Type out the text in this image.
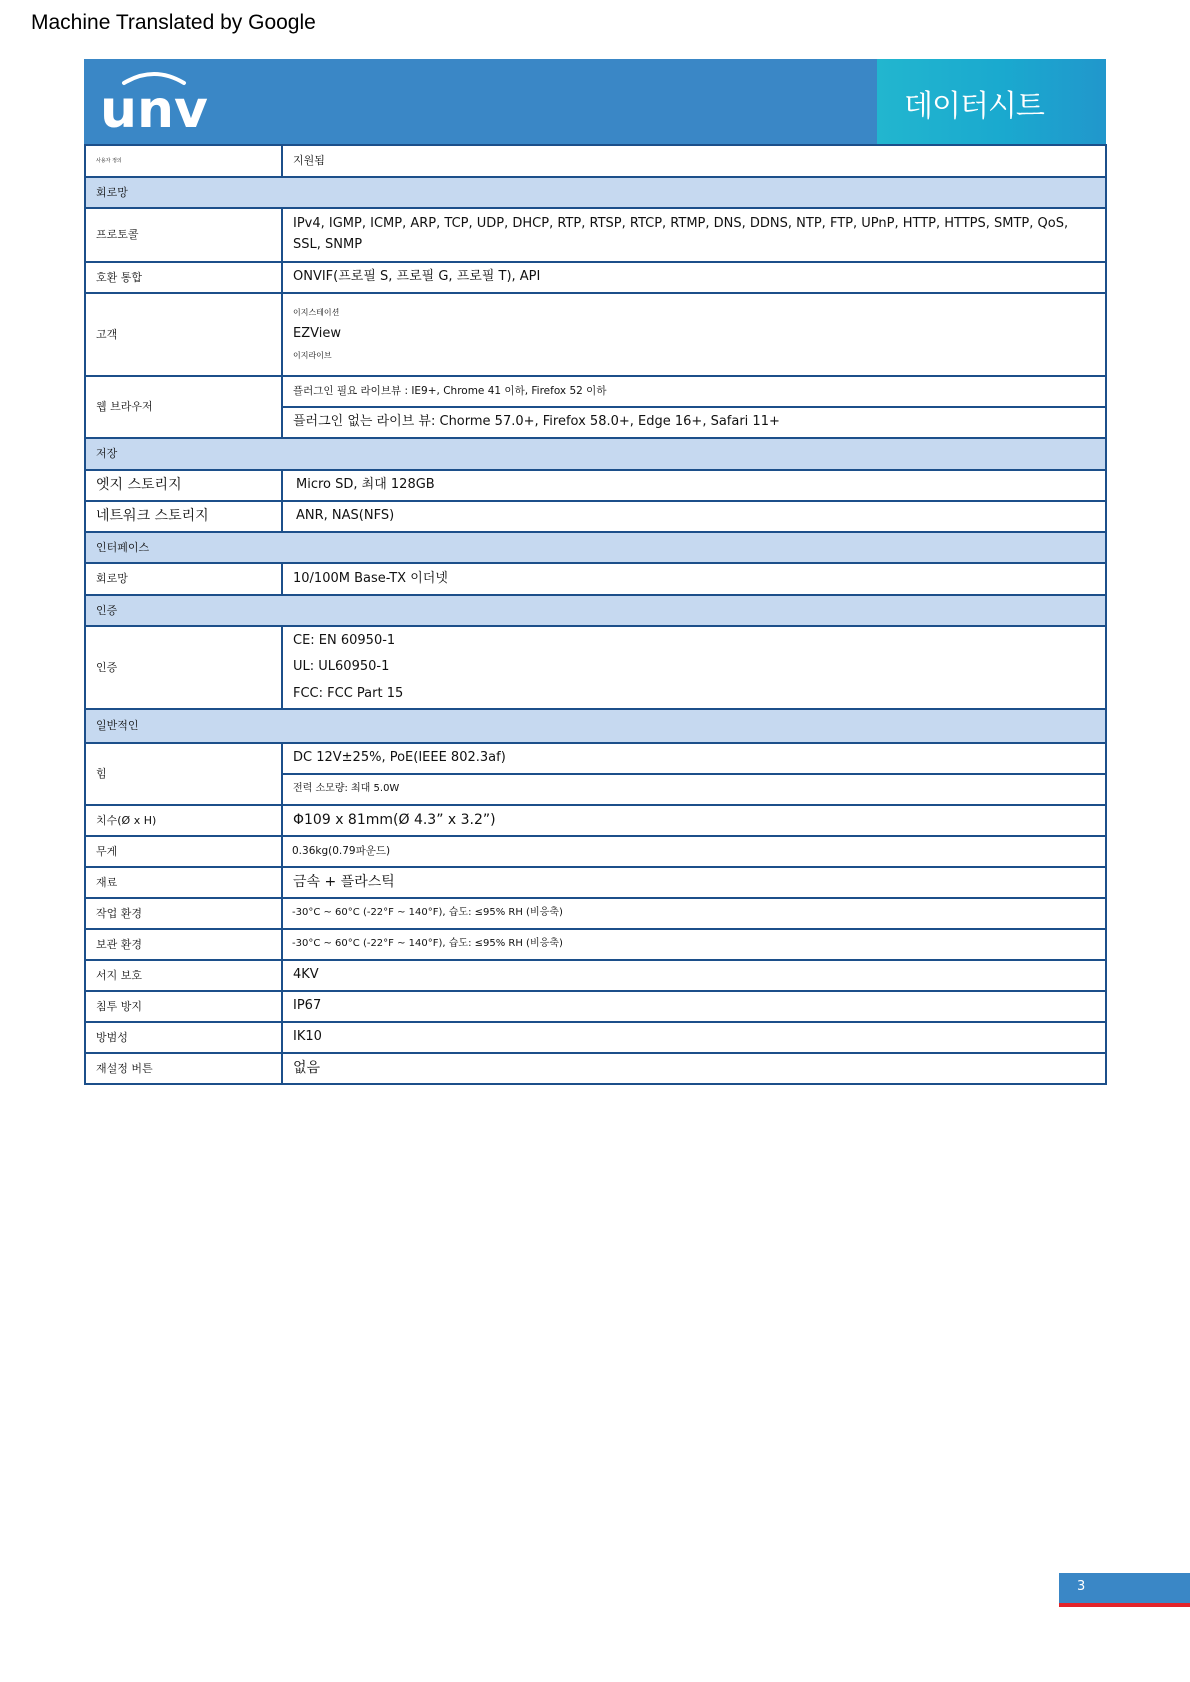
Machine Translated by Google
unv	데이터시트
사용자 정의	지원됨
회로망	
프로토콜	IPv4, IGMP, ICMP, ARP, TCP, UDP, DHCP, RTP, RTSP, RTCP, RTMP, DNS, DDNS, NTP, FTP, UPnP, HTTP, HTTPS, SMTP, QoS, SSL, SNMP
호환 통합	ONVIF(프로필 S, 프로필 G, 프로필 T), API
고객	이지스테이션
EZView
이지라이브

웹 브라우저	플러그인 필요 라이브뷰 : IE9+, Chrome 41 이하, Firefox 52 이하
	플러그인 없는 라이브 뷰: Chorme 57.0+, Firefox 58.0+, Edge 16+, Safari 11+
저장	
엣지 스토리지	Micro SD, 최대 128GB
네트워크 스토리지	ANR, NAS(NFS)
인터페이스	
회로망	10/100M Base-TX 이더넷
인증	
인증	CE: EN 60950-1
UL: UL60950-1
FCC: FCC Part 15

일반적인	
힘	DC 12V±25%, PoE(IEEE 802.3af)
	전력 소모량: 최대 5.0W
치수(Ø x H)	Φ109 x 81mm(Ø 4.3” x 3.2”)
무게	0.36kg(0.79파운드)
재료	금속 + 플라스틱
작업 환경	-30°C ~ 60°C (-22°F ~ 140°F), 습도: ≤95% RH (비응축)
보관 환경	-30°C ~ 60°C (-22°F ~ 140°F), 습도: ≤95% RH (비응축)
서지 보호	4KV
침투 방지	IP67
방범성	IK10
재설정 버튼	없음
3
